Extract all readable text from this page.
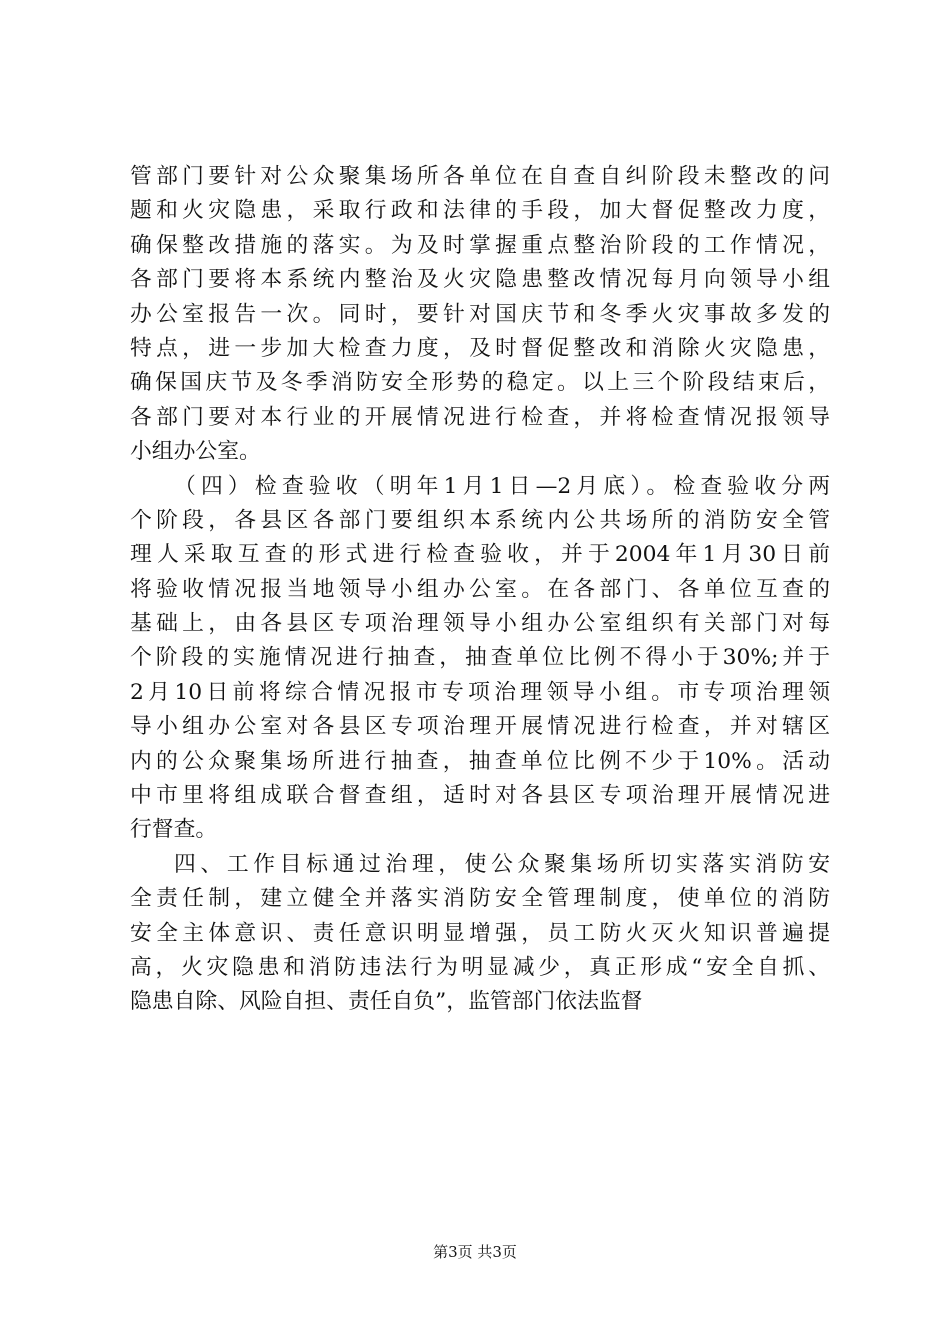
管部门要针对公众聚集场所各单位在自查自纠阶段未整改的问
题和火灾隐患，采取行政和法律的手段，加大督促整改力度，
确保整改措施的落实。为及时掌握重点整治阶段的工作情况，
各部门要将本系统内整治及火灾隐患整改情况每月向领导小组
办公室报告一次。同时，要针对国庆节和冬季火灾事故多发的
特点，进一步加大检查力度，及时督促整改和消除火灾隐患，
确保国庆节及冬季消防安全形势的稳定。以上三个阶段结束后，
各部门要对本行业的开展情况进行检查，并将检查情况报领导
小组办公室。
（四）检查验收（明年1月1日—2月底）。检查验收分两
个阶段，各县区各部门要组织本系统内公共场所的消防安全管
理人采取互查的形式进行检查验收，并于2004年1月30日前
将验收情况报当地领导小组办公室。在各部门、各单位互查的
基础上，由各县区专项治理领导小组办公室组织有关部门对每
个阶段的实施情况进行抽查，抽查单位比例不得小于30%;并于
2月10日前将综合情况报市专项治理领导小组。市专项治理领
导小组办公室对各县区专项治理开展情况进行检查，并对辖区
内的公众聚集场所进行抽查，抽查单位比例不少于10%。活动
中市里将组成联合督查组，适时对各县区专项治理开展情况进
行督查。
四、工作目标通过治理，使公众聚集场所切实落实消防安
全责任制，建立健全并落实消防安全管理制度，使单位的消防
安全主体意识、责任意识明显增强，员工防火灭火知识普遍提
高，火灾隐患和消防违法行为明显减少，真正形成“安全自抓、
隐患自除、风险自担、责任自负”，监管部门依法监督
第3页 共3页
